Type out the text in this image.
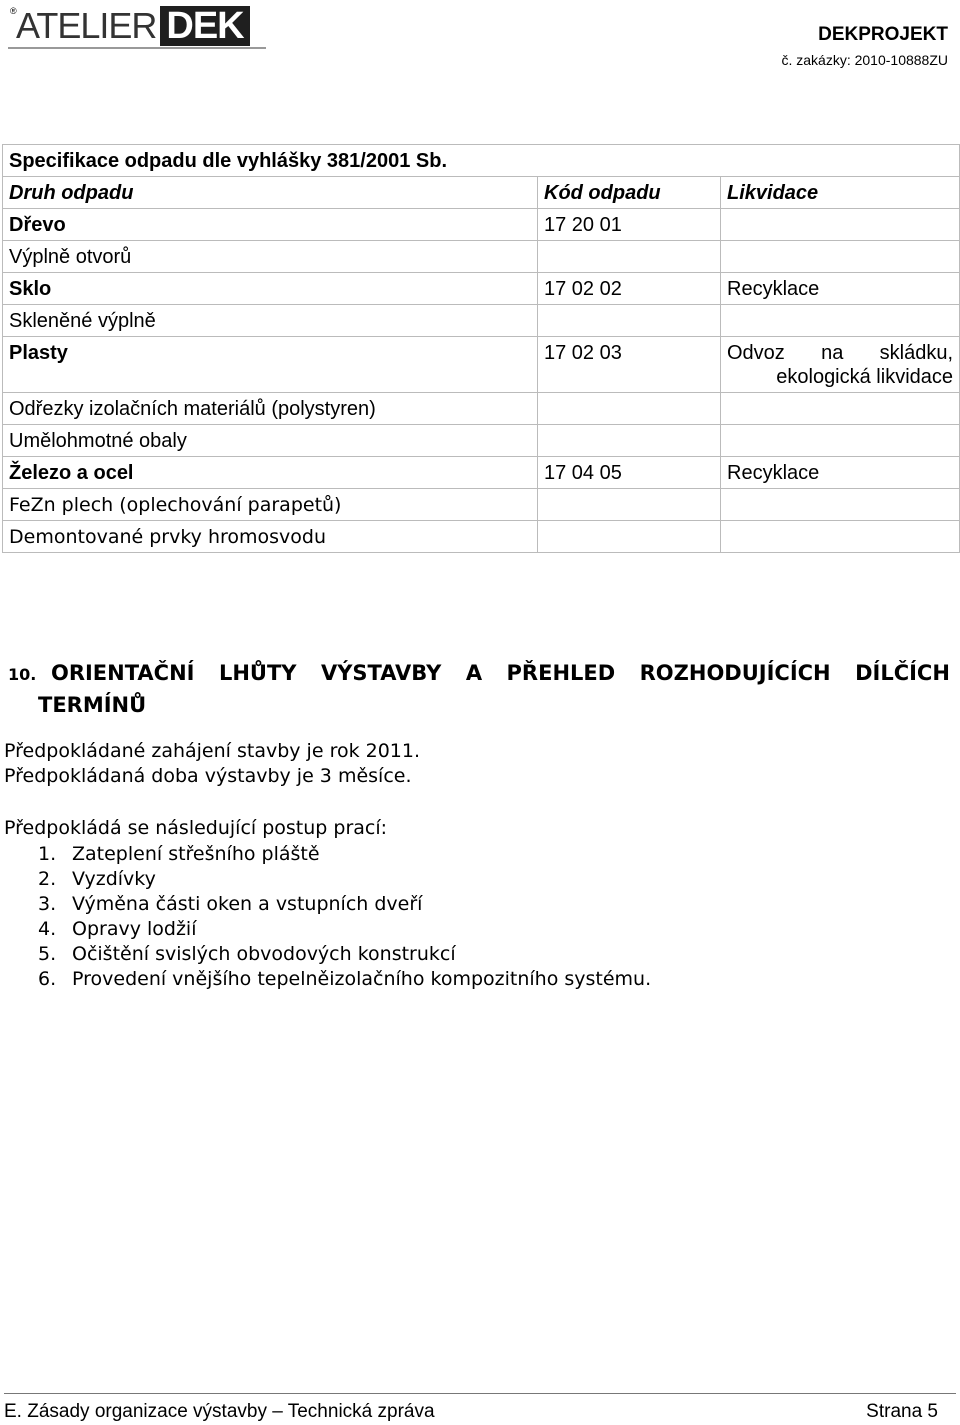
® ATELIER DEK	DEKPROJEKT
č. zakázky: 2010-10888ZU
Specifikace odpadu dle vyhlášky 381/2001 Sb.		
Druh odpadu	Kód odpadu	Likvidace
Dřevo	17 20 01	
Výplně otvorů		
Sklo	17 02 02	Recyklace
Skleněné výplně		
Plasty	17 02 03	Odvoz na skládku, ekologická likvidace
Odřezky izolačních materiálů (polystyren)		
Umělohmotné obaly		
Železo a ocel	17 04 05	Recyklace
FeZn plech (oplechování parapetů)		
Demontované prvky hromosvodu		
10. ORIENTAČNÍ LHŮTY VÝSTAVBY A PŘEHLED ROZHODUJÍCÍCH DÍLČÍCH
TERMÍNŮ
Předpokládané zahájení stavby je rok 2011.
Předpokládaná doba výstavby je 3 měsíce.
Předpokládá se následující postup prací:
1. Zateplení střešního pláště
2. Vyzdívky
3. Výměna části oken a vstupních dveří
4. Opravy lodžií
5. Očištění svislých obvodových konstrukcí
6. Provedení vnějšího tepelněizolačního kompozitního systému.
E. Zásady organizace výstavby – Technická zpráva	Strana 5
